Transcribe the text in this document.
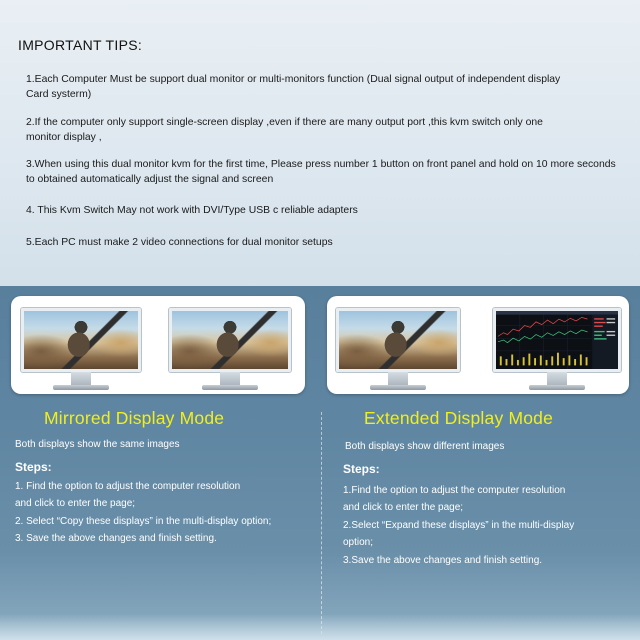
IMPORTANT TIPS:
1.Each Computer Must be support dual monitor or multi-monitors function (Dual signal output of independent display
Card systerm)
2.If the computer only support single-screen display ,even if there are many output port ,this kvm switch only one
monitor display ,
3.When using this dual monitor kvm for the first time, Please press number 1 button on front panel and hold on 10 more seconds
to obtained automatically adjust the signal and screen
4. This Kvm Switch May not work with DVI/Type USB c reliable adapters
5.Each PC must make 2 video connections for dual monitor setups
Mirrored Display Mode
Both displays show the same images
Steps:
1. Find the option to adjust the computer resolution
and click to enter the page;
2. Select “Copy these displays” in the multi-display option;
3. Save the above changes and finish setting.
Extended Display Mode
Both displays show different images
Steps:
1.Find the option to adjust the computer resolution
and click to enter the page;
2.Select “Expand these displays” in the multi-display
option;
3.Save the above changes and finish setting.
